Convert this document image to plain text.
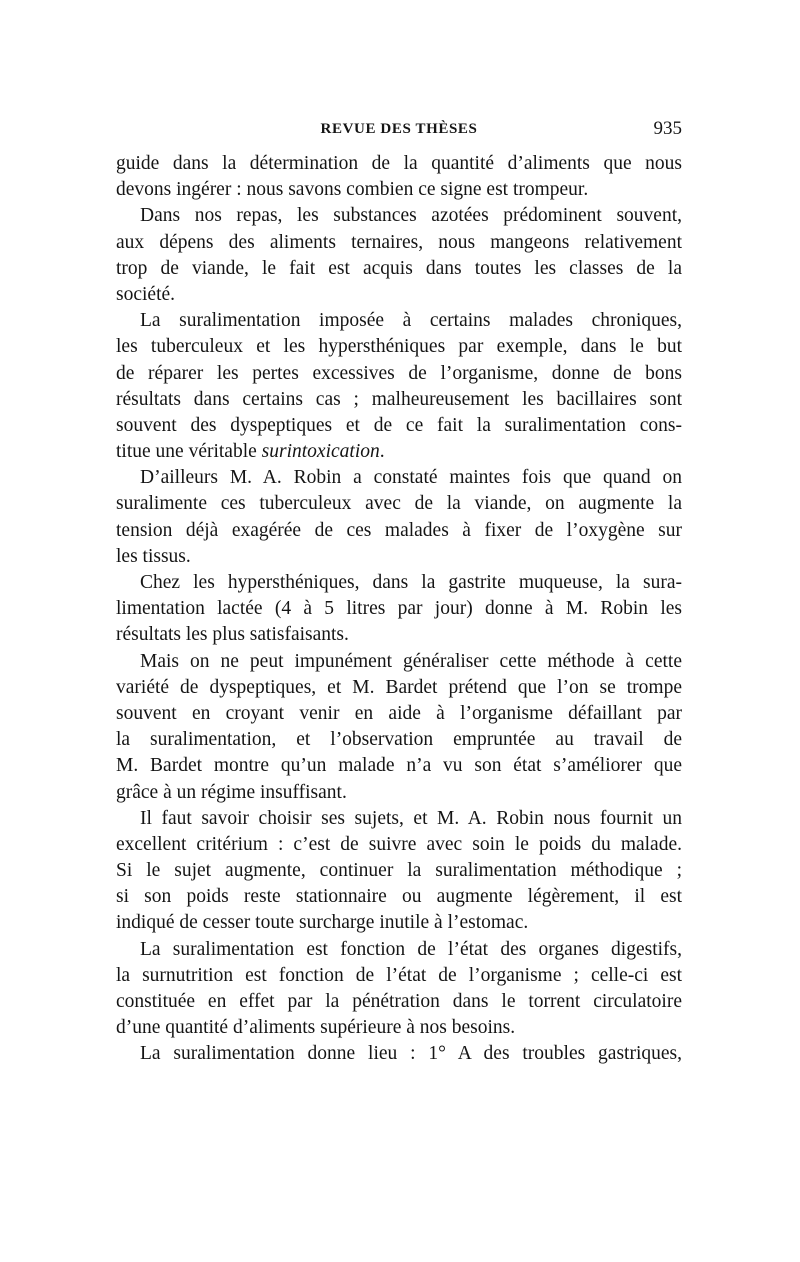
REVUE DES THÈSES	935
guide dans la détermination de la quantité d’aliments que nous
devons ingérer : nous savons combien ce signe est trompeur.
Dans nos repas, les substances azotées prédominent souvent,
aux dépens des aliments ternaires, nous mangeons relativement
trop de viande, le fait est acquis dans toutes les classes de la
société.
La suralimentation imposée à certains malades chroniques,
les tuberculeux et les hypersthéniques par exemple, dans le but
de réparer les pertes excessives de l’organisme, donne de bons
résultats dans certains cas ; malheureusement les bacillaires sont
souvent des dyspeptiques et de ce fait la suralimentation cons-
titue une véritable surintoxication.
D’ailleurs M. A. Robin a constaté maintes fois que quand on
suralimente ces tuberculeux avec de la viande, on augmente la
tension déjà exagérée de ces malades à fixer de l’oxygène sur
les tissus.
Chez les hypersthéniques, dans la gastrite muqueuse, la sura-
limentation lactée (4 à 5 litres par jour) donne à M. Robin les
résultats les plus satisfaisants.
Mais on ne peut impunément généraliser cette méthode à cette
variété de dyspeptiques, et M. Bardet prétend que l’on se trompe
souvent en croyant venir en aide à l’organisme défaillant par
la suralimentation, et l’observation empruntée au travail de
M. Bardet montre qu’un malade n’a vu son état s’améliorer que
grâce à un régime insuffisant.
Il faut savoir choisir ses sujets, et M. A. Robin nous fournit un
excellent critérium : c’est de suivre avec soin le poids du malade.
Si le sujet augmente, continuer la suralimentation méthodique ;
si son poids reste stationnaire ou augmente légèrement, il est
indiqué de cesser toute surcharge inutile à l’estomac.
La suralimentation est fonction de l’état des organes digestifs,
la surnutrition est fonction de l’état de l’organisme ; celle-ci est
constituée en effet par la pénétration dans le torrent circulatoire
d’une quantité d’aliments supérieure à nos besoins.
La suralimentation donne lieu : 1° A des troubles gastriques,
